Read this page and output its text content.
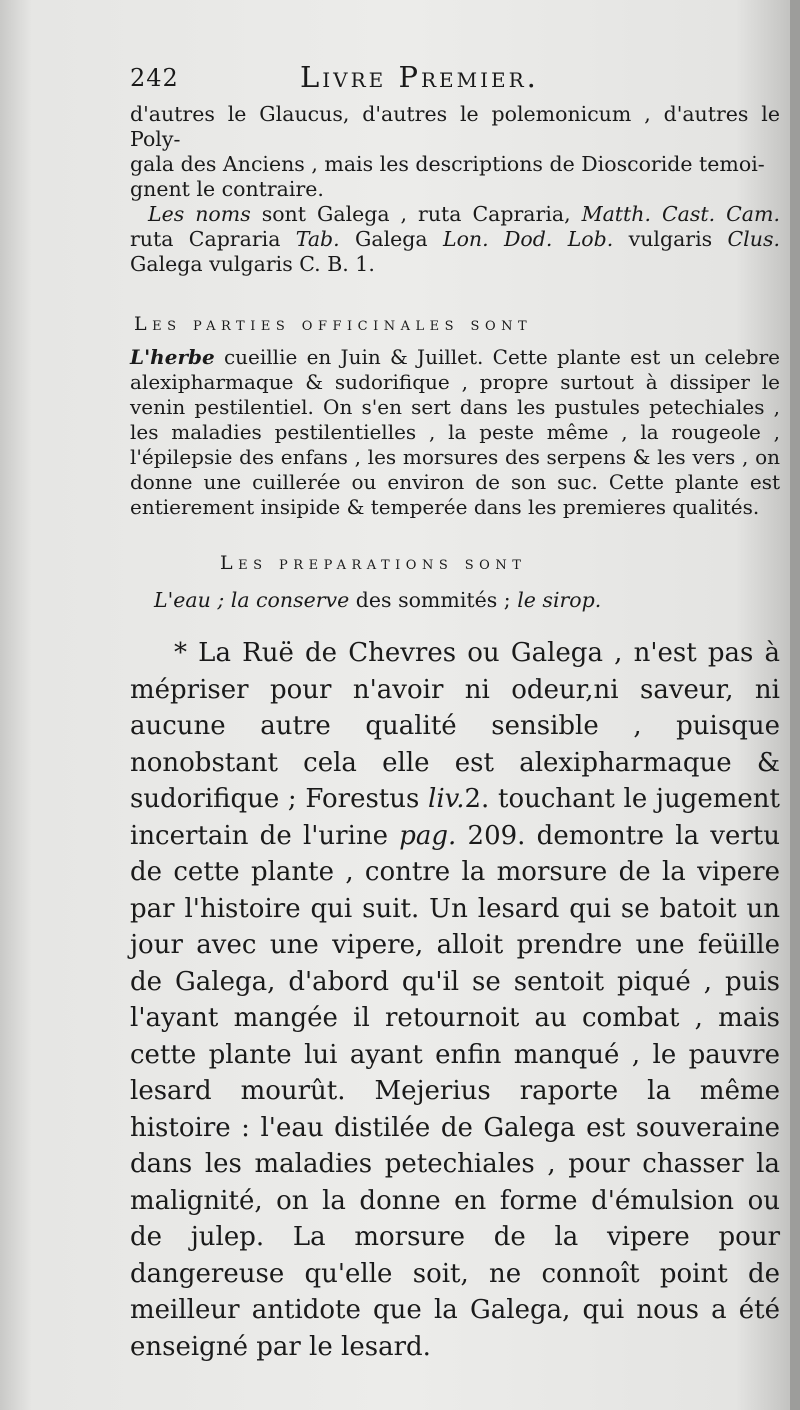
242	Livre Premier.

d'autres le Glaucus, d'autres le polemonicum , d'autres le Poly-
gala des Anciens , mais les descriptions de Dioscoride temoi-
gnent le contraire.

Les noms sont Galega , ruta Capraria, Matth. Cast. Cam. ruta Capraria Tab. Galega Lon. Dod. Lob. vulgaris Clus. Galega vulgaris C. B. 1.

Les parties officinales sont

L'herbe cueillie en Juin & Juillet. Cette plante est un celebre alexipharmaque & sudorifique , propre surtout à dissiper le venin pestilentiel. On s'en sert dans les pustules petechiales , les maladies pestilentielles , la peste même , la rougeole , l'épilepsie des enfans , les morsures des serpens & les vers , on donne une cuillerée ou environ de son suc. Cette plante est entierement insipide & temperée dans les premieres qualités.

Les preparations sont

L'eau ; la conserve des sommités ; le sirop.

* La Ruë de Chevres ou Galega , n'est pas à mépriser pour n'avoir ni odeur,ni saveur, ni aucune autre qualité sensible , puisque nonobstant cela elle est alexipharmaque & sudorifique ; Forestus liv.2. touchant le jugement incertain de l'urine pag. 209. demontre la vertu de cette plante , contre la morsure de la vipere par l'histoire qui suit. Un lesard qui se batoit un jour avec une vipere, alloit prendre une feüille de Galega, d'abord qu'il se sentoit piqué , puis l'ayant mangée il retournoit au combat , mais cette plante lui ayant enfin manqué , le pauvre lesard mourût. Mejerius raporte la même histoire : l'eau distilée de Galega est souveraine dans les maladies petechiales , pour chasser la malignité, on la donne en forme d'émulsion ou de julep. La morsure de la vipere pour dangereuse qu'elle soit, ne connoît point de meilleur antidote que la Galega, qui nous a été enseigné par le lesard.
